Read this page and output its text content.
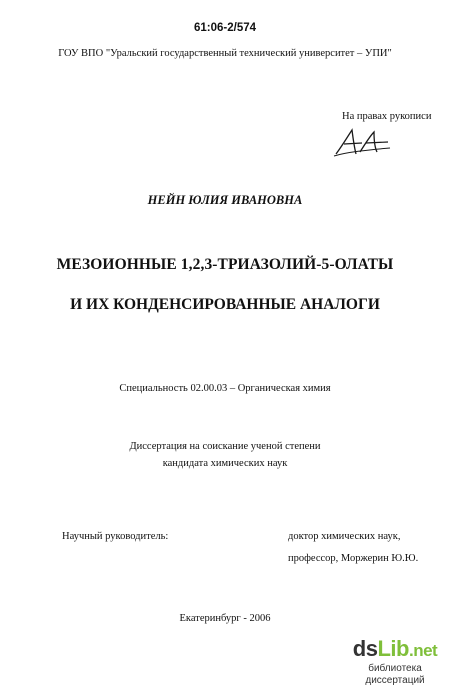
61:06-2/574
ГОУ ВПО "Уральский государственный технический университет – УПИ"
На правах рукописи
НЕЙН ЮЛИЯ ИВАНОВНА
МЕЗОИОННЫЕ 1,2,3-ТРИАЗОЛИЙ-5-ОЛАТЫ
И ИХ КОНДЕНСИРОВАННЫЕ АНАЛОГИ
Специальность 02.00.03 – Органическая химия
Диссертация на соискание ученой степени
кандидата химических наук
Научный руководитель:	доктор химических наук,
профессор, Моржерин Ю.Ю.
Екатеринбург - 2006
dsLib.net
библиотека диссертаций
